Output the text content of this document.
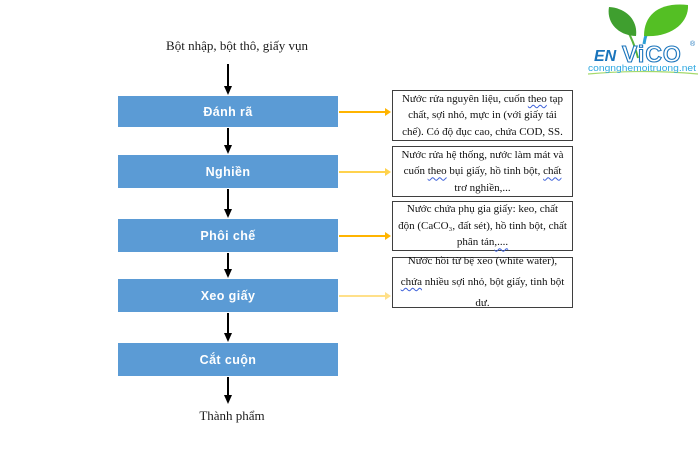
Bột nhập, bột thô, giấy vụn
EN ViCO ®
congnghemoitruong.net
Đánh rã
Nghiền
Phôi chế
Xeo giấy
Cắt cuộn
Nước rửa nguyên liệu, cuốn theo tạp chất, sợi nhỏ, mực in (với giấy tái chế). Có độ đục cao, chứa COD, SS.
Nước rửa hệ thống, nước làm mát và cuốn theo bụi giấy, hồ tinh bột, chất trơ nghiền,...
Nước chứa phụ gia giấy: keo, chất độn (CaCO₃, đất sét), hồ tinh bột, chất phân tán,....
Nước hồi từ bệ xeo (white water), chứa nhiều sợi nhỏ, bột giấy, tinh bột dư.
Thành phẩm
